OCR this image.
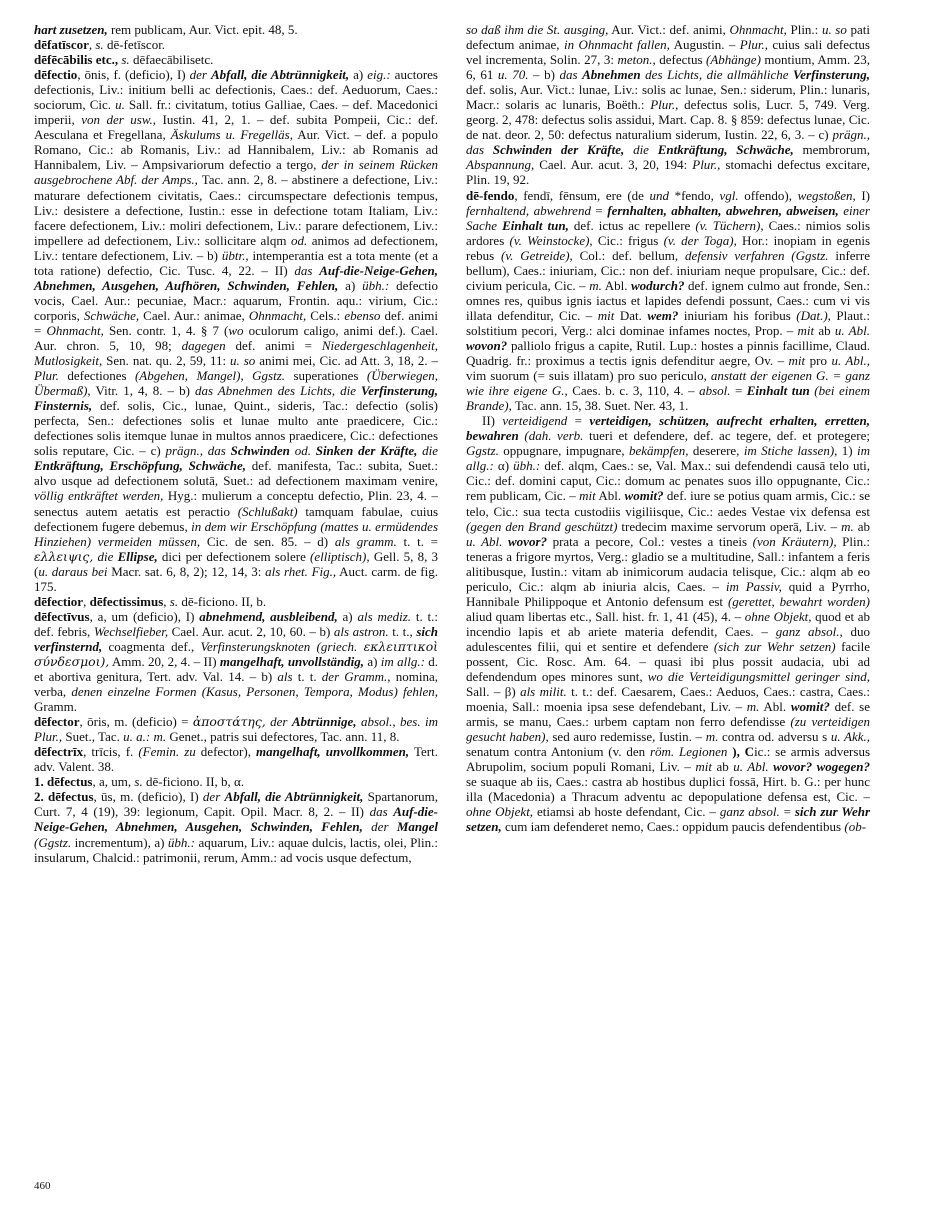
hart zusetzen, rem publicam, Aur. Vict. epit. 48, 5.

dēfatīscor, s. dē-fetīscor.

dēfēcābilis etc., s. dēfaecābilisetc.

dēfectio, ōnis, f. (deficio), I) der Abfall, die Abtrünnigkeit, a) eig.: auctores defectionis, Liv.: initium belli ac defectionis, Caes.: def. Aeduorum, Caes.: sociorum, Cic. u. Sall. fr.: civitatum, totius Galliae, Caes. – def. Macedonici imperii, von der usw., Iustin. 41, 2, 1. – def. subita Pompeii, Cic.: def. Aesculana et Fregellana, Äskulums u. Fregelläs, Aur. Vict. – def. a populo Romano, Cic.: ab Romanis, Liv.: ad Hannibalem, Liv.: ab Romanis ad Hannibalem, Liv. – Ampsivariorum defectio a tergo, der in seinem Rücken ausgebrochene Abf. der Amps., Tac. ann. 2, 8. – abstinere a defectione, Liv.: maturare defectionem civitatis, Caes.: circumspectare defectionis tempus, Liv.: desistere a defectione, Iustin.: esse in defectione totam Italiam, Liv.: facere defectionem, Liv.: moliri defectionem, Liv.: parare defectionem, Liv.: impellere ad defectionem, Liv.: sollicitare alqm od. animos ad defectionem, Liv.: tentare defectionem, Liv. – b) übtr., intemperantia est a tota mente (et a tota ratione) defectio, Cic. Tusc. 4, 22. – II) das Auf-die-Neige-Gehen, Abnehmen, Ausgehen, Aufhören, Schwinden, Fehlen, a) übh.: defectio vocis, Cael. Aur.: pecuniae, Macr.: aquarum, Frontin. aqu.: virium, Cic.: corporis, Schwäche, Cael. Aur.: animae, Ohnmacht, Cels.: ebenso def. animi = Ohnmacht, Sen. contr. 1, 4. § 7 (wo oculorum caligo, animi def.). Cael. Aur. chron. 5, 10, 98; dagegen def. animi = Niedergeschlagenheit, Mutlosigkeit, Sen. nat. qu. 2, 59, 11: u. so animi mei, Cic. ad Att. 3, 18, 2. – Plur. defectiones (Abgehen, Mangel), Ggstz. superationes (Überwiegen, Übermaß), Vitr. 1, 4, 8. – b) das Abnehmen des Lichts, die Verfinsterung, Finsternis, def. solis, Cic., lunae, Quint., sideris, Tac.: defectio (solis) perfecta, Sen.: defectiones solis et lunae multo ante praedicere, Cic.: defectiones solis itemque lunae in multos annos praedicere, Cic.: defectiones solis reputare, Cic. – c) prägn., das Schwinden od. Sinken der Kräfte, die Entkräftung, Erschöpfung, Schwäche, def. manifesta, Tac.: subita, Suet.: alvo usque ad defectionem solutā, Suet.: ad defectionem maximam venire, völlig entkräftet werden, Hyg.: mulierum a conceptu defectio, Plin. 23, 4. – senectus autem aetatis est peractio (Schlußakt) tamquam fabulae, cuius defectionem fugere debemus, in dem wir Erschöpfung (mattes u. ermüdendes Hinziehen) vermeiden müssen, Cic. de sen. 85. – d) als gramm. t. t. = ελλειψις, die Ellipse, dici per defectionem solere (elliptisch), Gell. 5, 8, 3 (u. daraus bei Macr. sat. 6, 8, 2); 12, 14, 3: als rhet. Fig., Auct. carm. de fig. 175.

dēfectior, dēfectissimus, s. dē-ficiono. II, b.

dēfectīvus, a, um (deficio), I) abnehmend, ausbleibend, a) als mediz. t. t.: def. febris, Wechselfieber, Cael. Aur. acut. 2, 10, 60. – b) als astron. t. t., sich verfinsternd, coagmenta def., Verfinsterungsknoten (griech. εκλειπτικοὶ σύνδεσμοι), Amm. 20, 2, 4. – II) mangelhaft, unvollständig, a) im allg.: d. et abortiva genitura, Tert. adv. Val. 14. – b) als t. t. der Gramm., nomina, verba, denen einzelne Formen (Kasus, Personen, Tempora, Modus) fehlen, Gramm.

dēfector, ōris, m. (deficio) = ἀποστάτης, der Abtrünnige, absol., bes. im Plur., Suet., Tac. u. a.: m. Genet., patris sui defectores, Tac. ann. 11, 8.

dēfectrīx, trīcis, f. (Femin. zu defector), mangelhaft, unvollkommen, Tert. adv. Valent. 38.

1. dēfectus, a, um, s. dē-ficiono. II, b, α.

2. dēfectus, ūs, m. (deficio), I) der Abfall, die Abtrünnigkeit, Spartanorum, Curt. 7, 4 (19), 39: legionum, Capit. Opil. Macr. 8, 2. – II) das Auf-die-Neige-Gehen, Abnehmen, Ausgehen, Schwinden, Fehlen, der Mangel (Ggstz. incrementum), a) übh.: aquarum, Liv.: aquae dulcis, lactis, olei, Plin.: insularum, Chalcid.: patrimonii, rerum, Amm.: ad vocis usque defectum,

so daß ihm die St. ausging, Aur. Vict.: def. animi, Ohnmacht, Plin.: u. so pati defectum animae, in Ohnmacht fallen, Augustin. – Plur., cuius sali defectus vel incrementa, Solin. 27, 3: meton., defectus (Abhänge) montium, Amm. 23, 6, 61 u. 70. – b) das Abnehmen des Lichts, die allmähliche Verfinsterung, def. solis, Aur. Vict.: lunae, Liv.: solis ac lunae, Sen.: siderum, Plin.: lunaris, Macr.: solaris ac lunaris, Boëth.: Plur., defectus solis, Lucr. 5, 749. Verg. georg. 2, 478: defectus solis assidui, Mart. Cap. 8. § 859: defectus lunae, Cic. de nat. deor. 2, 50: defectus naturalium siderum, Iustin. 22, 6, 3. – c) prägn., das Schwinden der Kräfte, die Entkräftung, Schwäche, membrorum, Abspannung, Cael. Aur. acut. 3, 20, 194: Plur., stomachi defectus excitare, Plin. 19, 92.

dē-fendo, fendī, fēnsum, ere (de und *fendo, vgl. offendo), wegstoßen, I) fernhaltend, abwehrend = fernhalten, abhalten, abwehren, abweisen, einer Sache Einhalt tun, def. ictus ac repellere (v. Tüchern), Caes.: nimios solis ardores (v. Weinstocke), Cic.: frigus (v. der Toga), Hor.: inopiam in egenis rebus (v. Getreide), Col.: def. bellum, defensiv verfahren (Ggstz. inferre bellum), Caes.: iniuriam, Cic.: non def. iniuriam neque propulsare, Cic.: def. civium pericula, Cic. – m. Abl. wodurch? def. ignem culmo aut fronde, Sen.: omnes res, quibus ignis iactus et lapides defendi possunt, Caes.: cum vi vis illata defenditur, Cic. – mit Dat. wem? iniuriam his foribus (Dat.), Plaut.: solstitium pecori, Verg.: alci dominae infames noctes, Prop. – mit ab u. Abl. wovon? palliolo frigus a capite, Rutil. Lup.: hostes a pinnis facillime, Claud. Quadrig. fr.: proximus a tectis ignis defenditur aegre, Ov. – mit pro u. Abl., vim suorum (= suis illatam) pro suo periculo, anstatt der eigenen G. = ganz wie ihre eigene G., Caes. b. c. 3, 110, 4. – absol. = Einhalt tun (bei einem Brande), Tac. ann. 15, 38. Suet. Ner. 43, 1.

II) verteidigend = verteidigen, schützen, aufrecht erhalten, erretten, bewahren (dah. verb. tueri et defendere, def. ac tegere, def. et protegere; Ggstz. oppugnare, impugnare, bekämpfen, deserere, im Stiche lassen), 1) im allg.: α) übh.: def. alqm, Caes.: se, Val. Max.: sui defendendi causā telo uti, Cic.: def. domini caput, Cic.: domum ac penates suos illo oppugnante, Cic.: rem publicam, Cic. – mit Abl. womit? def. iure se potius quam armis, Cic.: se telo, Cic.: sua tecta custodiis vigiliisque, Cic.: aedes Vestae vix defensa est (gegen den Brand geschützt) tredecim maxime servorum operā, Liv. – m. ab u. Abl. wovor? prata a pecore, Col.: vestes a tineis (von Kräutern), Plin.: teneras a frigore myrtos, Verg.: gladio se a multitudine, Sall.: infantem a feris alitibusque, Iustin.: vitam ab inimicorum audacia telisque, Cic.: alqm ab eo periculo, Cic.: alqm ab iniuria alcis, Caes. – im Passiv, quid a Pyrrho, Hannibale Philippoque et Antonio defensum est (gerettet, bewahrt worden) aliud quam libertas etc., Sall. hist. fr. 1, 41 (45), 4. – ohne Objekt, quod et ab incendio lapis et ab ariete materia defendit, Caes. – ganz absol., duo adulescentes filii, qui et sentire et defendere (sich zur Wehr setzen) facile possent, Cic. Rosc. Am. 64. – quasi ibi plus possit audacia, ubi ad defendendum opes minores sunt, wo die Verteidigungsmittel geringer sind, Sall. – β) als milit. t. t.: def. Caesarem, Caes.: Aeduos, Caes.: castra, Caes.: moenia, Sall.: moenia ipsa sese defendebant, Liv. – m. Abl. womit? def. se armis, se manu, Caes.: urbem captam non ferro defendisse (zu verteidigen gesucht haben), sed auro redemisse, Iustin. – m. contra od. adversu s u. Akk., senatum contra Antonium (v. den röm. Legionen ), Cic.: se armis adversus Abrupolim, socium populi Romani, Liv. – mit ab u. Abl. wovor? wogegen? se suaque ab iis, Caes.: castra ab hostibus duplici fossā, Hirt. b. G.: per hunc illa (Macedonia) a Thracum adventu ac depopulatione defensa est, Cic. – ohne Objekt, etiamsi ab hoste defendant, Cic. – ganz absol. = sich zur Wehr setzen, cum iam defenderet nemo, Caes.: oppidum paucis defendentibus (ob-

460
